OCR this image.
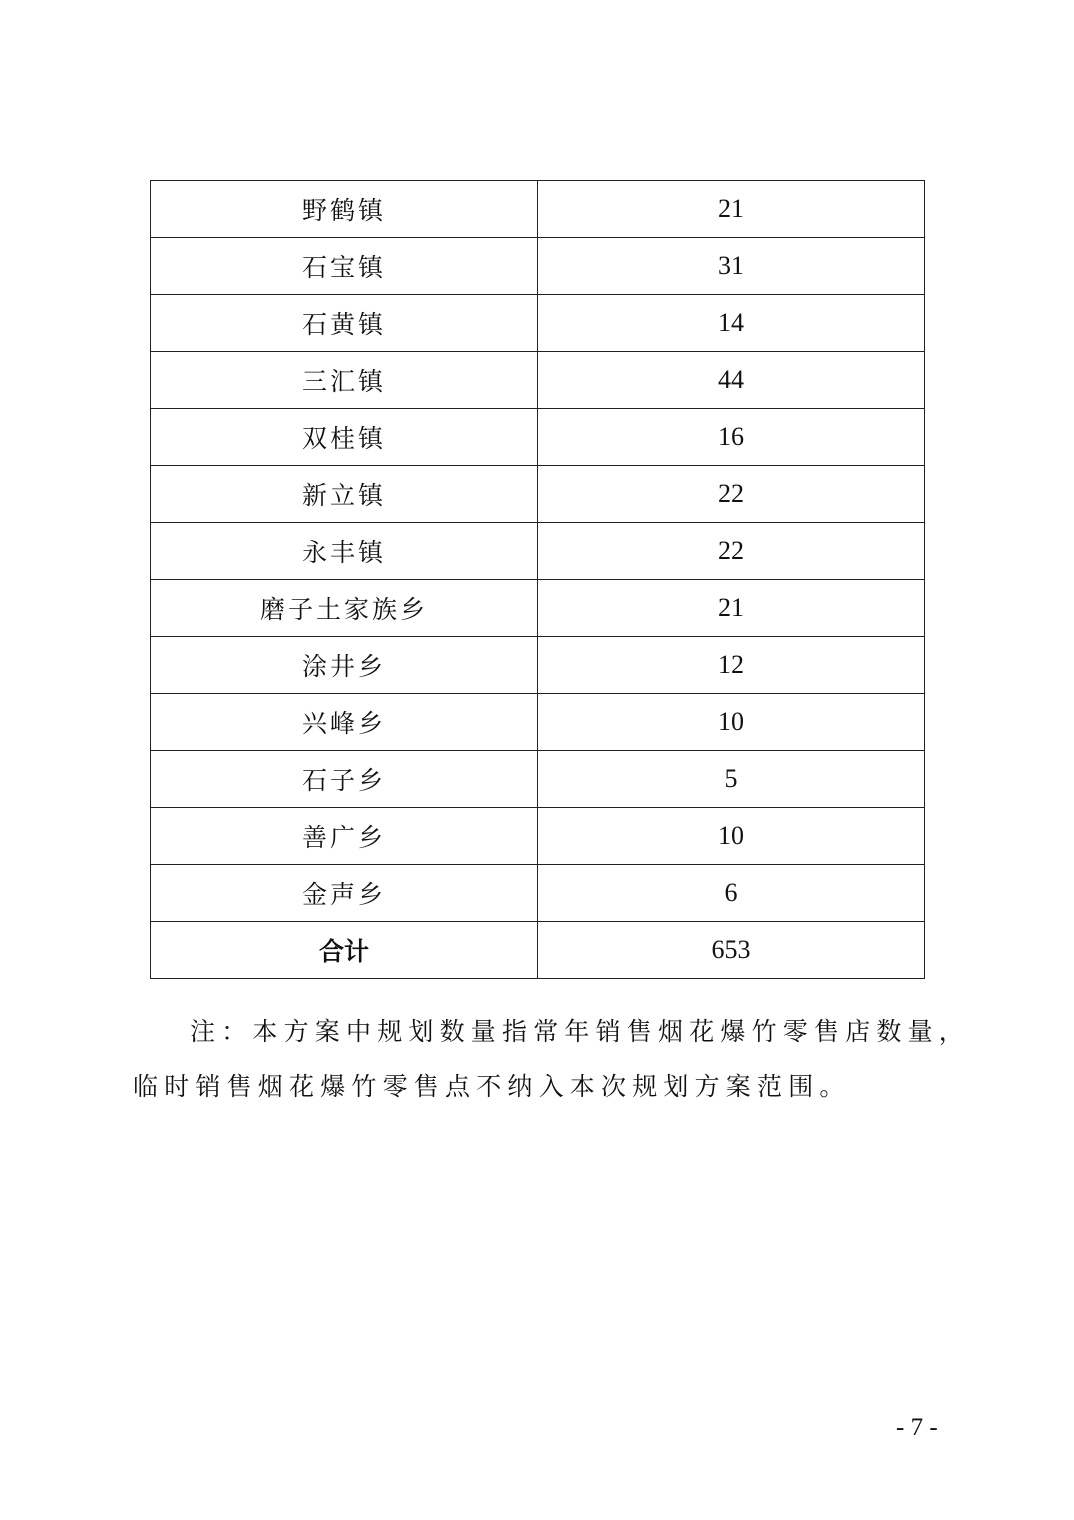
野鹤镇	21
石宝镇	31
石黄镇	14
三汇镇	44
双桂镇	16
新立镇	22
永丰镇	22
磨子土家族乡	21
涂井乡	12
兴峰乡	10
石子乡	5
善广乡	10
金声乡	6
合计	653
注：本方案中规划数量指常年销售烟花爆竹零售店数量，
临时销售烟花爆竹零售点不纳入本次规划方案范围。
- 7 -
